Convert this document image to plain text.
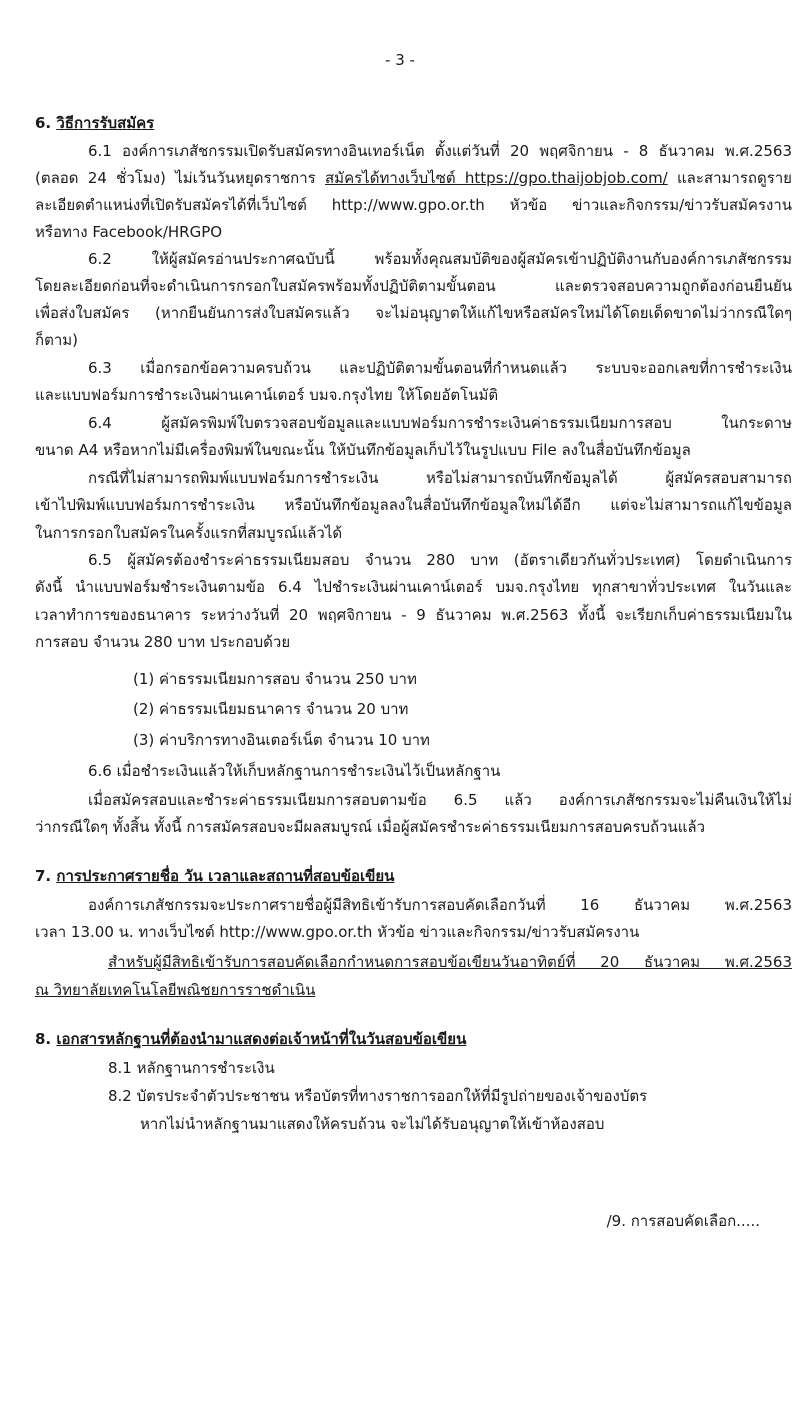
- 3 -
6. วิธีการรับสมัคร
6.1 องค์การเภสัชกรรมเปิดรับสมัครทางอินเทอร์เน็ต ตั้งแต่วันที่ 20 พฤศจิกายน - 8 ธันวาคม พ.ศ.2563
(ตลอด 24 ชั่วโมง) ไม่เว้นวันหยุดราชการ สมัครได้ทางเว็บไซต์ https://gpo.thaijobjob.com/ และสามารถดูราย
ละเอียดตำแหน่งที่เปิดรับสมัครได้ที่เว็บไซต์ http://www.gpo.or.th หัวข้อ ข่าวและกิจกรรม/ข่าวรับสมัครงาน
หรือทาง Facebook/HRGPO
6.2 ให้ผู้สมัครอ่านประกาศฉบับนี้ พร้อมทั้งคุณสมบัติของผู้สมัครเข้าปฏิบัติงานกับองค์การเภสัชกรรม
โดยละเอียดก่อนที่จะดำเนินการกรอกใบสมัครพร้อมทั้งปฏิบัติตามขั้นตอน และตรวจสอบความถูกต้องก่อนยืนยัน
เพื่อส่งใบสมัคร (หากยืนยันการส่งใบสมัครแล้ว จะไม่อนุญาตให้แก้ไขหรือสมัครใหม่ได้โดยเด็ดขาดไม่ว่ากรณีใดๆ
ก็ตาม)
6.3 เมื่อกรอกข้อความครบถ้วน และปฏิบัติตามขั้นตอนที่กำหนดแล้ว ระบบจะออกเลขที่การชำระเงิน
และแบบฟอร์มการชำระเงินผ่านเคาน์เตอร์ บมจ.กรุงไทย ให้โดยอัตโนมัติ
6.4 ผู้สมัครพิมพ์ใบตรวจสอบข้อมูลและแบบฟอร์มการชำระเงินค่าธรรมเนียมการสอบ ในกระดาษ
ขนาด A4 หรือหากไม่มีเครื่องพิมพ์ในขณะนั้น ให้บันทึกข้อมูลเก็บไว้ในรูปแบบ File ลงในสื่อบันทึกข้อมูล
กรณีที่ไม่สามารถพิมพ์แบบฟอร์มการชำระเงิน หรือไม่สามารถบันทึกข้อมูลได้ ผู้สมัครสอบสามารถ
เข้าไปพิมพ์แบบฟอร์มการชำระเงิน หรือบันทึกข้อมูลลงในสื่อบันทึกข้อมูลใหม่ได้อีก แต่จะไม่สามารถแก้ไขข้อมูล
ในการกรอกใบสมัครในครั้งแรกที่สมบูรณ์แล้วได้
6.5 ผู้สมัครต้องชำระค่าธรรมเนียมสอบ จำนวน 280 บาท (อัตราเดียวกันทั่วประเทศ) โดยดำเนินการ
ดังนี้ นำแบบฟอร์มชำระเงินตามข้อ 6.4 ไปชำระเงินผ่านเคาน์เตอร์ บมจ.กรุงไทย ทุกสาขาทั่วประเทศ ในวันและ
เวลาทำการของธนาคาร ระหว่างวันที่ 20 พฤศจิกายน - 9 ธันวาคม พ.ศ.2563 ทั้งนี้ จะเรียกเก็บค่าธรรมเนียมใน
การสอบ จำนวน 280 บาท ประกอบด้วย
(1) ค่าธรรมเนียมการสอบ จำนวน 250 บาท
(2) ค่าธรรมเนียมธนาคาร จำนวน 20 บาท
(3) ค่าบริการทางอินเตอร์เน็ต จำนวน 10 บาท
6.6 เมื่อชำระเงินแล้วให้เก็บหลักฐานการชำระเงินไว้เป็นหลักฐาน
เมื่อสมัครสอบและชำระค่าธรรมเนียมการสอบตามข้อ 6.5 แล้ว องค์การเภสัชกรรมจะไม่คืนเงินให้ไม่
ว่ากรณีใดๆ ทั้งสิ้น ทั้งนี้ การสมัครสอบจะมีผลสมบูรณ์ เมื่อผู้สมัครชำระค่าธรรมเนียมการสอบครบถ้วนแล้ว
7. การประกาศรายชื่อ วัน เวลาและสถานที่สอบข้อเขียน
องค์การเภสัชกรรมจะประกาศรายชื่อผู้มีสิทธิเข้ารับการสอบคัดเลือกวันที่ 16 ธันวาคม พ.ศ.2563
เวลา 13.00 น. ทางเว็บไซต์ http://www.gpo.or.th หัวข้อ ข่าวและกิจกรรม/ข่าวรับสมัครงาน
สำหรับผู้มีสิทธิเข้ารับการสอบคัดเลือกกำหนดการสอบข้อเขียนวันอาทิตย์ที่ 20 ธันวาคม พ.ศ.2563
ณ วิทยาลัยเทคโนโลยีพณิชยการราชดำเนิน
8. เอกสารหลักฐานที่ต้องนำมาแสดงต่อเจ้าหน้าที่ในวันสอบข้อเขียน
8.1 หลักฐานการชำระเงิน
8.2 บัตรประจำตัวประชาชน หรือบัตรที่ทางราชการออกให้ที่มีรูปถ่ายของเจ้าของบัตร
หากไม่นำหลักฐานมาแสดงให้ครบถ้วน จะไม่ได้รับอนุญาตให้เข้าห้องสอบ
/9. การสอบคัดเลือก.....
